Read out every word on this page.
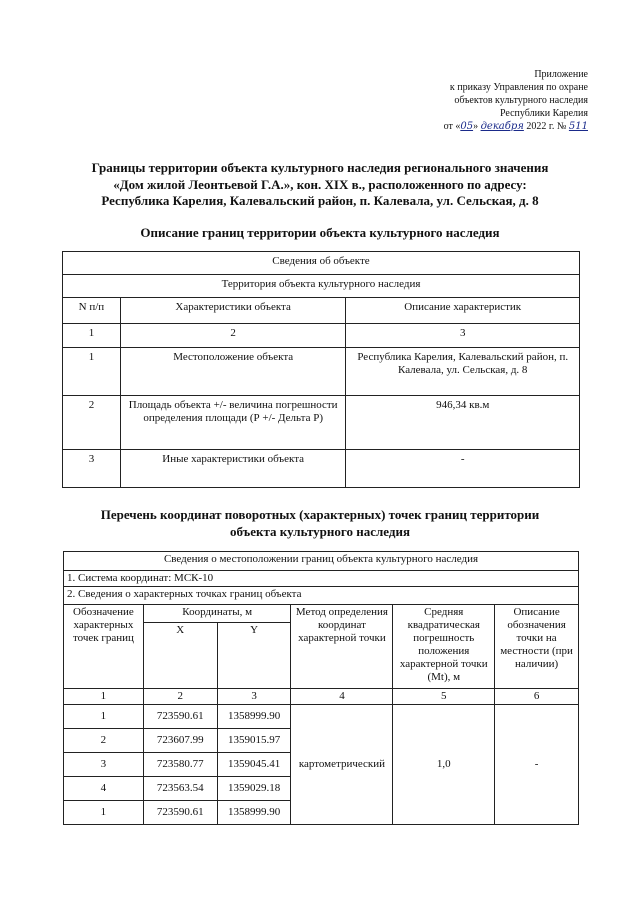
Приложение
к приказу Управления по охране
объектов культурного наследия
Республики Карелия
от «05» декабря 2022 г. № 511
Границы территории объекта культурного наследия регионального значения
«Дом жилой Леонтьевой Г.А.», кон. XIX в., расположенного по адресу:
Республика Карелия, Калевальский район, п. Калевала, ул. Сельская, д. 8
Описание границ территории объекта культурного наследия
Сведения об объекте		
Территория объекта культурного наследия		
N п/п	Характеристики объекта	Описание характеристик
1	2	3
1	Местоположение объекта	Республика Карелия, Калевальский район, п. Калевала, ул. Сельская, д. 8
2	Площадь объекта +/- величина погрешности определения площади (Р +/- Дельта Р)	946,34 кв.м
3	Иные характеристики объекта	-
Перечень координат поворотных (характерных) точек границ территории
объекта культурного наследия
Сведения о местоположении границ объекта культурного наследия					
1. Система координат: МСК-10					
2. Сведения о характерных точках границ объекта					
Обозначение характерных точек границ	Координаты, м		Метод определения координат характерной точки	Средняя квадратическая погрешность положения характерной точки (Mt), м	Описание обозначения точки на местности (при наличии)
	X	Y			
1	2	3	4	5	6
1	723590.61	1358999.90	картометрический	1,0	-
2	723607.99	1359015.97			
3	723580.77	1359045.41			
4	723563.54	1359029.18			
1	723590.61	1358999.90			
